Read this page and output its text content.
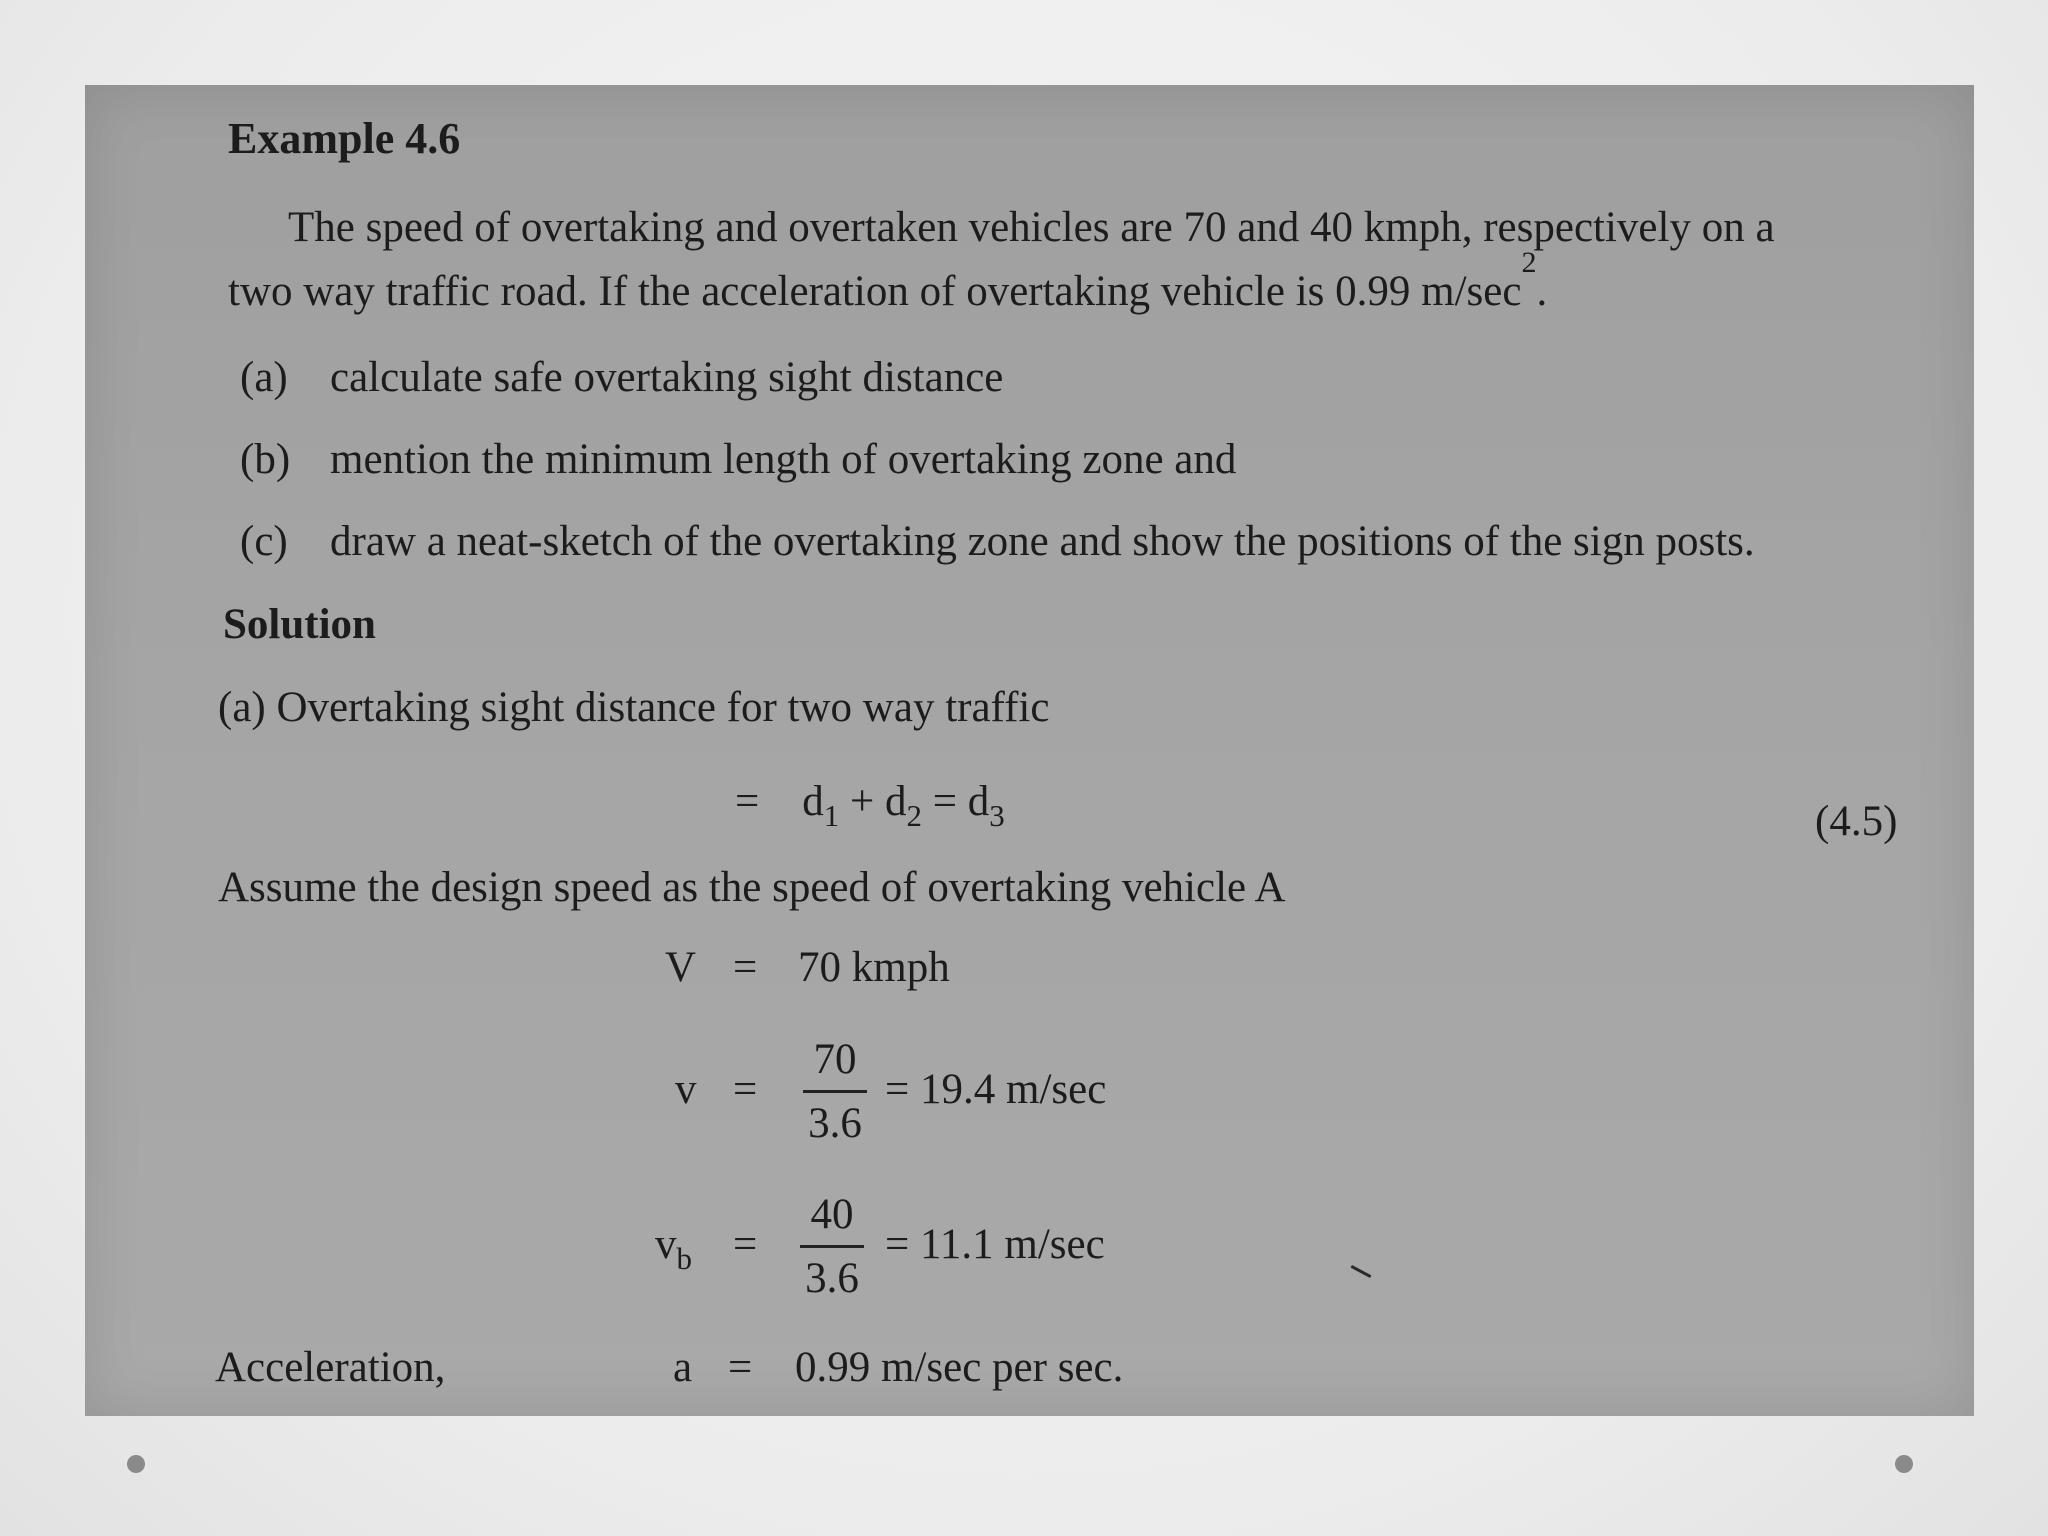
Example 4.6
The speed of overtaking and overtaken vehicles are 70 and 40 kmph, respectively on a
two way traffic road. If the acceleration of overtaking vehicle is 0.99 $m/\sec^2$.
(a) calculate safe overtaking sight distance
(b) mention the minimum length of overtaking zone and
(c) draw a neat-sketch of the overtaking zone and show the positions of the sign posts.
Solution
(a) Overtaking sight distance for two way traffic
= $d_1 + d_2 = d_3$	(4.5)
Assume the design speed as the speed of overtaking vehicle A
V = 70 kmph
v =
70
3.6
= 19.4 m/sec
$v_b$ =
40
3.6
= 11.1 m/sec
Acceleration,	a = 0.99 m/sec per sec.
